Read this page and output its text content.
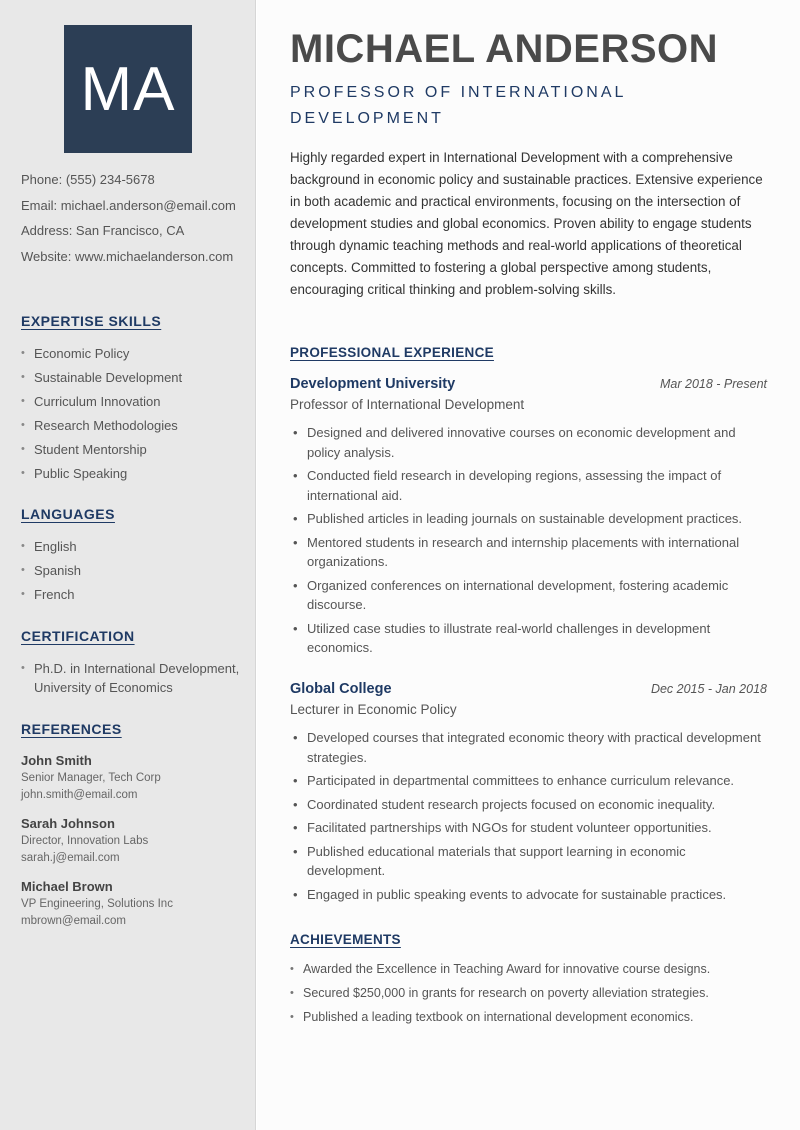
MA
Phone: (555) 234-5678
Email: michael.anderson@email.com
Address: San Francisco, CA
Website: www.michaelanderson.com
EXPERTISE SKILLS
• Economic Policy
• Sustainable Development
• Curriculum Innovation
• Research Methodologies
• Student Mentorship
• Public Speaking
LANGUAGES
• English
• Spanish
• French
CERTIFICATION
• Ph.D. in International Development, University of Economics
REFERENCES
John Smith
Senior Manager, Tech Corp
john.smith@email.com
Sarah Johnson
Director, Innovation Labs
sarah.j@email.com
Michael Brown
VP Engineering, Solutions Inc
mbrown@email.com
MICHAEL ANDERSON
PROFESSOR OF INTERNATIONAL DEVELOPMENT
Highly regarded expert in International Development with a comprehensive background in economic policy and sustainable practices. Extensive experience in both academic and practical environments, focusing on the intersection of development studies and global economics. Proven ability to engage students through dynamic teaching methods and real-world applications of theoretical concepts. Committed to fostering a global perspective among students, encouraging critical thinking and problem-solving skills.
PROFESSIONAL EXPERIENCE
Development University	Mar 2018 - Present
Professor of International Development
• Designed and delivered innovative courses on economic development and policy analysis.
• Conducted field research in developing regions, assessing the impact of international aid.
• Published articles in leading journals on sustainable development practices.
• Mentored students in research and internship placements with international organizations.
• Organized conferences on international development, fostering academic discourse.
• Utilized case studies to illustrate real-world challenges in development economics.
Global College	Dec 2015 - Jan 2018
Lecturer in Economic Policy
• Developed courses that integrated economic theory with practical development strategies.
• Participated in departmental committees to enhance curriculum relevance.
• Coordinated student research projects focused on economic inequality.
• Facilitated partnerships with NGOs for student volunteer opportunities.
• Published educational materials that support learning in economic development.
• Engaged in public speaking events to advocate for sustainable practices.
ACHIEVEMENTS
• Awarded the Excellence in Teaching Award for innovative course designs.
• Secured $250,000 in grants for research on poverty alleviation strategies.
• Published a leading textbook on international development economics.
